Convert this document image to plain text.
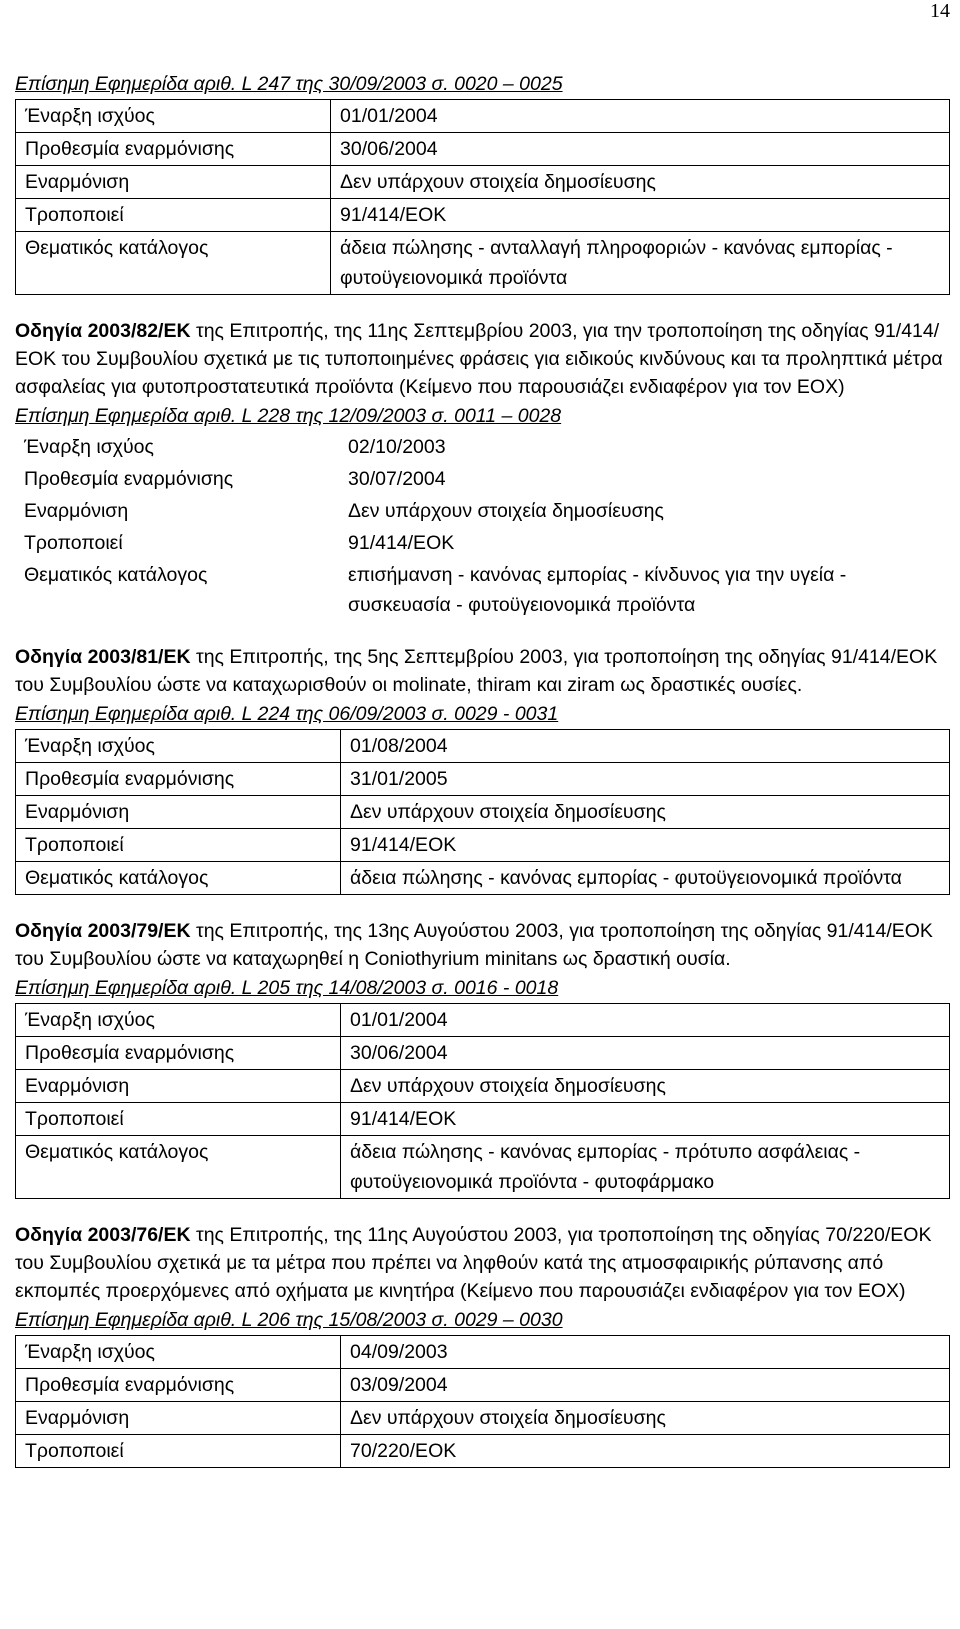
14
Επίσημη Εφημερίδα αριθ. L 247 της 30/09/2003 σ. 0020 – 0025
Έναρξη ισχύος	01/01/2004
Προθεσμία εναρμόνισης	30/06/2004
Εναρμόνιση	Δεν υπάρχουν στοιχεία δημοσίευσης
Τροποποιεί	91/414/ΕΟΚ
Θεματικός κατάλογος	άδεια πώλησης - ανταλλαγή πληροφοριών - κανόνας εμπορίας - φυτοϋγειονομικά προϊόντα
Οδηγία 2003/82/ΕΚ της Επιτροπής, της 11ης Σεπτεμβρίου 2003, για την τροποποίηση της οδηγίας 91/414/ΕΟΚ του Συμβουλίου σχετικά με τις τυποποιημένες φράσεις για ειδικούς κινδύνους και τα προληπτικά μέτρα ασφαλείας για φυτοπροστατευτικά προϊόντα (Κείμενο που παρουσιάζει ενδιαφέρον για τον ΕΟΧ)
Επίσημη Εφημερίδα αριθ. L 228 της 12/09/2003 σ. 0011 – 0028
Έναρξη ισχύος	02/10/2003
Προθεσμία εναρμόνισης	30/07/2004
Εναρμόνιση	Δεν υπάρχουν στοιχεία δημοσίευσης
Τροποποιεί	91/414/ΕΟΚ
Θεματικός κατάλογος	επισήμανση - κανόνας εμπορίας - κίνδυνος για την υγεία - συσκευασία - φυτοϋγειονομικά προϊόντα
Οδηγία 2003/81/ΕΚ της Επιτροπής, της 5ης Σεπτεμβρίου 2003, για τροποποίηση της οδηγίας 91/414/ΕΟΚ του Συμβουλίου ώστε να καταχωρισθούν οι molinate, thiram και ziram ως δραστικές ουσίες.
Επίσημη Εφημερίδα αριθ. L 224 της 06/09/2003 σ. 0029 - 0031
Έναρξη ισχύος	01/08/2004
Προθεσμία εναρμόνισης	31/01/2005
Εναρμόνιση	Δεν υπάρχουν στοιχεία δημοσίευσης
Τροποποιεί	91/414/ΕΟΚ
Θεματικός κατάλογος	άδεια πώλησης - κανόνας εμπορίας - φυτοϋγειονομικά προϊόντα
Οδηγία 2003/79/ΕΚ της Επιτροπής, της 13ης Αυγούστου 2003, για τροποποίηση της οδηγίας 91/414/ΕΟΚ του Συμβουλίου ώστε να καταχωρηθεί η Coniothyrium minitans ως δραστική ουσία.
Επίσημη Εφημερίδα αριθ. L 205 της 14/08/2003 σ. 0016 - 0018
Έναρξη ισχύος	01/01/2004
Προθεσμία εναρμόνισης	30/06/2004
Εναρμόνιση	Δεν υπάρχουν στοιχεία δημοσίευσης
Τροποποιεί	91/414/ΕΟΚ
Θεματικός κατάλογος	άδεια πώλησης - κανόνας εμπορίας - πρότυπο ασφάλειας - φυτοϋγειονομικά προϊόντα - φυτοφάρμακο
Οδηγία 2003/76/ΕΚ της Επιτροπής, της 11ης Αυγούστου 2003, για τροποποίηση της οδηγίας 70/220/ΕΟΚ του Συμβουλίου σχετικά με τα μέτρα που πρέπει να ληφθούν κατά της ατμοσφαιρικής ρύπανσης από εκπομπές προερχόμενες από οχήματα με κινητήρα (Κείμενο που παρουσιάζει ενδιαφέρον για τον ΕΟΧ)
Επίσημη Εφημερίδα αριθ. L 206 της 15/08/2003 σ. 0029 – 0030
Έναρξη ισχύος	04/09/2003
Προθεσμία εναρμόνισης	03/09/2004
Εναρμόνιση	Δεν υπάρχουν στοιχεία δημοσίευσης
Τροποποιεί	70/220/ΕΟΚ
